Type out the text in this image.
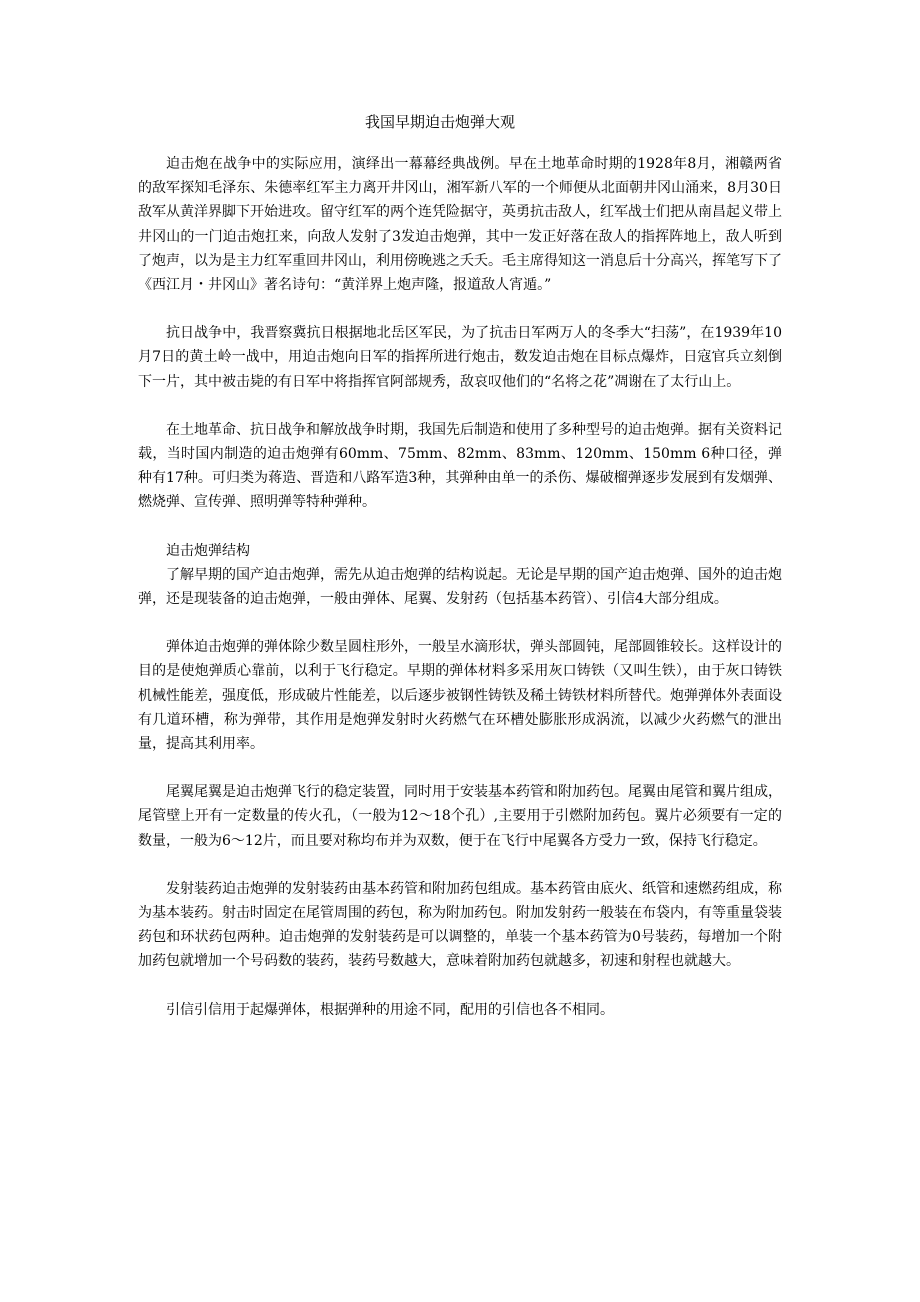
我国早期迫击炮弹大观

迫击炮在战争中的实际应用，演绎出一幕幕经典战例。早在土地革命时期的1928年8月，湘赣两省的敌军探知毛泽东、朱德率红军主力离开井冈山，湘军新八军的一个师便从北面朝井冈山涌来，8月30日敌军从黄洋界脚下开始进攻。留守红军的两个连凭险据守，英勇抗击敌人，红军战士们把从南昌起义带上井冈山的一门迫击炮扛来，向敌人发射了3发迫击炮弹，其中一发正好落在敌人的指挥阵地上，敌人听到了炮声，以为是主力红军重回井冈山，利用傍晚逃之夭夭。毛主席得知这一消息后十分高兴，挥笔写下了《西江月・井冈山》著名诗句：“黄洋界上炮声隆，报道敌人宵遁。”

抗日战争中，我晋察冀抗日根据地北岳区军民，为了抗击日军两万人的冬季大“扫荡”，在1939年10月7日的黄土岭一战中，用迫击炮向日军的指挥所进行炮击，数发迫击炮在目标点爆炸，日寇官兵立刻倒下一片，其中被击毙的有日军中将指挥官阿部规秀，敌哀叹他们的“名将之花”凋谢在了太行山上。

在土地革命、抗日战争和解放战争时期，我国先后制造和使用了多种型号的迫击炮弹。据有关资料记载，当时国内制造的迫击炮弹有60mm、75mm、82mm、83mm、120mm、150mm 6种口径，弹种有17种。可归类为蒋造、晋造和八路军造3种，其弹种由单一的杀伤、爆破榴弹逐步发展到有发烟弹、燃烧弹、宣传弹、照明弹等特种弹种。

迫击炮弹结构

了解早期的国产迫击炮弹，需先从迫击炮弹的结构说起。无论是早期的国产迫击炮弹、国外的迫击炮弹，还是现装备的迫击炮弹，一般由弹体、尾翼、发射药（包括基本药管）、引信4大部分组成。

弹体迫击炮弹的弹体除少数呈圆柱形外，一般呈水滴形状，弹头部圆钝，尾部圆锥较长。这样设计的目的是使炮弹质心靠前，以利于飞行稳定。早期的弹体材料多采用灰口铸铁（又叫生铁），由于灰口铸铁机械性能差，强度低，形成破片性能差，以后逐步被钢性铸铁及稀土铸铁材料所替代。炮弹弹体外表面设有几道环槽，称为弹带，其作用是炮弹发射时火药燃气在环槽处膨胀形成涡流，以减少火药燃气的泄出量，提高其利用率。

尾翼尾翼是迫击炮弹飞行的稳定装置，同时用于安装基本药管和附加药包。尾翼由尾管和翼片组成，尾管壁上开有一定数量的传火孔，（一般为12～18个孔）,主要用于引燃附加药包。翼片必须要有一定的数量，一般为6～12片，而且要对称均布并为双数，便于在飞行中尾翼各方受力一致，保持飞行稳定。

发射装药迫击炮弹的发射装药由基本药管和附加药包组成。基本药管由底火、纸管和速燃药组成，称为基本装药。射击时固定在尾管周围的药包，称为附加药包。附加发射药一般装在布袋内，有等重量袋装药包和环状药包两种。迫击炮弹的发射装药是可以调整的，单装一个基本药管为0号装药，每增加一个附加药包就增加一个号码数的装药，装药号数越大，意味着附加药包就越多，初速和射程也就越大。

引信引信用于起爆弹体，根据弹种的用途不同，配用的引信也各不相同。
